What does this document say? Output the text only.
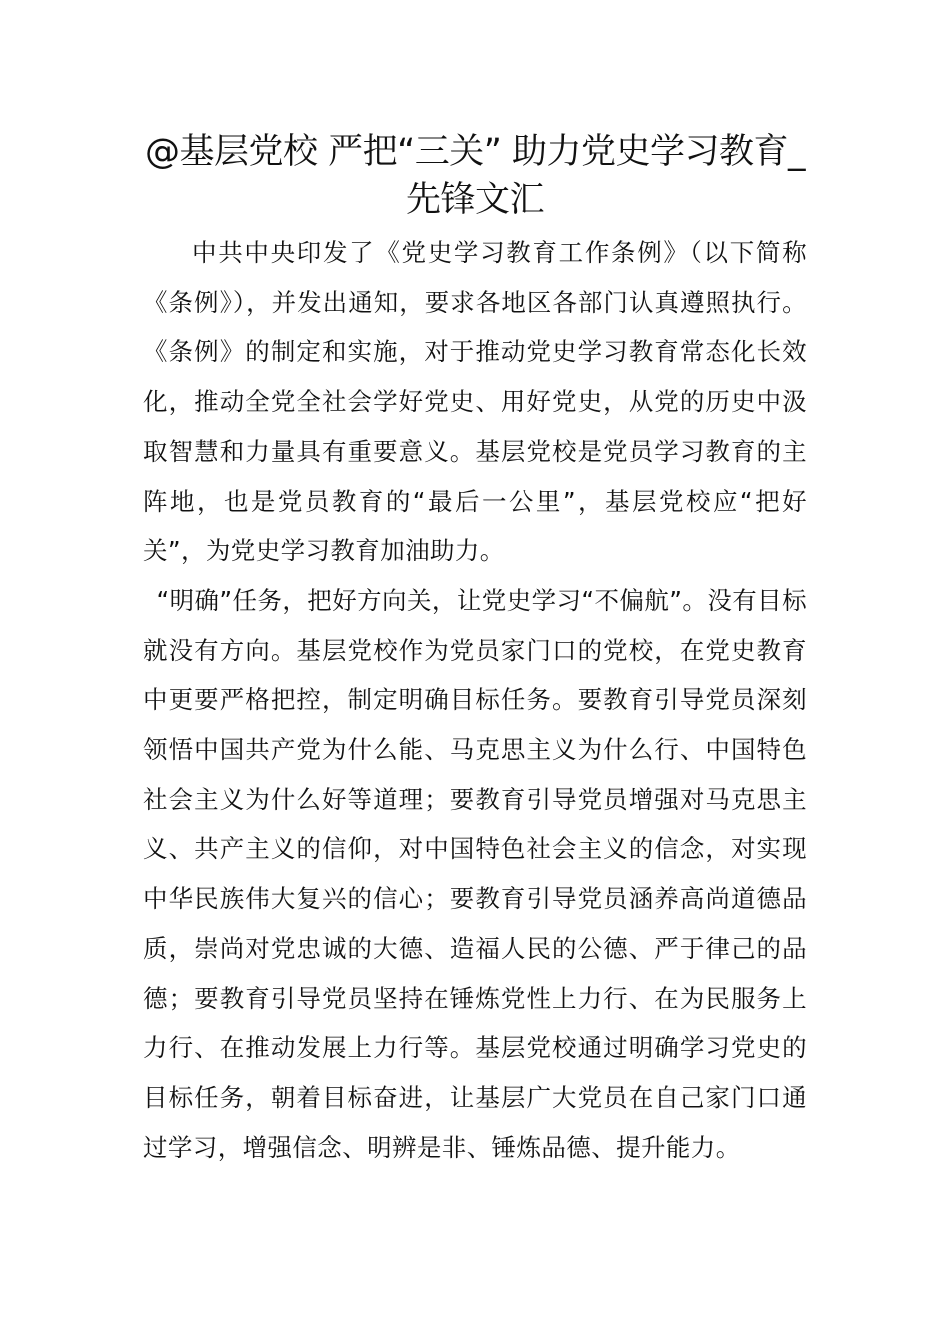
@基层党校 严把“三关” 助力党史学习教育_先锋文汇

中共中央印发了《党史学习教育工作条例》（以下简称《条例》），并发出通知，要求各地区各部门认真遵照执行。《条例》的制定和实施，对于推动党史学习教育常态化长效化，推动全党全社会学好党史、用好党史，从党的历史中汲取智慧和力量具有重要意义。基层党校是党员学习教育的主阵地，也是党员教育的“最后一公里”，基层党校应“把好关”，为党史学习教育加油助力。

“明确”任务，把好方向关，让党史学习“不偏航”。没有目标就没有方向。基层党校作为党员家门口的党校，在党史教育中更要严格把控，制定明确目标任务。要教育引导党员深刻领悟中国共产党为什么能、马克思主义为什么行、中国特色社会主义为什么好等道理；要教育引导党员增强对马克思主义、共产主义的信仰，对中国特色社会主义的信念，对实现中华民族伟大复兴的信心；要教育引导党员涵养高尚道德品质，崇尚对党忠诚的大德、造福人民的公德、严于律己的品德；要教育引导党员坚持在锤炼党性上力行、在为民服务上力行、在推动发展上力行等。基层党校通过明确学习党史的目标任务，朝着目标奋进，让基层广大党员在自己家门口通过学习，增强信念、明辨是非、锤炼品德、提升能力。
